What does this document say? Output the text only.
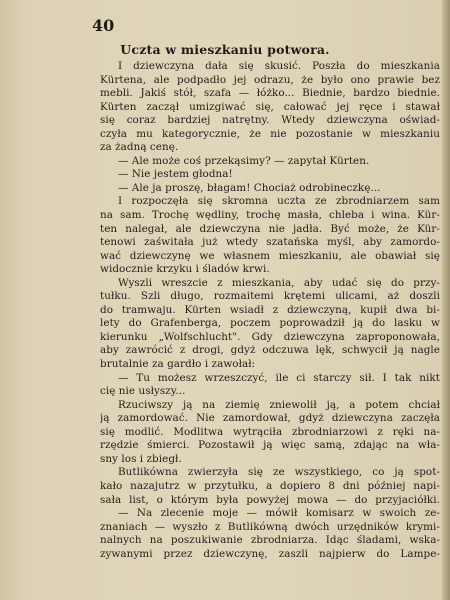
40
Uczta w mieszkaniu potwora.
I dziewczyna dała się skusić. Poszła do mieszkania
Kürtena, ale podpadło jej odrazu, że było ono prawie bez
mebli. Jakiś stół, szafa — łóżko... Biednie, bardzo biednie.
Kürten zaczął umizgiwać się, całować jej ręce i stawał
się coraz bardziej natrętny. Wtedy dziewczyna oświad-
czyła mu kategorycznie, że nie pozostanie w mieszkaniu
za żadną cenę.
— Ale może coś przekąsimy? — zapytał Kürten.
— Nie jestem głodna!
— Ale ja proszę, błagam! Chociaż odrobineczkę...
I rozpoczęła się skromna uczta ze zbrodniarzem sam
na sam. Trochę wędliny, trochę masła, chleba i wina. Kür-
ten nalegał, ale dziewczyna nie jadła. Być może, że Kür-
tenowi zaświtała już wtedy szatańska myśl, aby zamordo-
wać dziewczynę we własnem mieszkaniu, ale obawiał się
widocznie krzyku i śladów krwi.
Wyszli wreszcie z mieszkania, aby udać się do przy-
tułku. Szli długo, rozmaitemi krętemi ulicami, aż doszli
do tramwaju. Kürten wsiadł z dziewczyną, kupił dwa bi-
lety do Grafenberga, poczem poprowadził ją do lasku w
kierunku „Wolfschlucht". Gdy dziewczyna zaproponowała,
aby zawrócić z drogi, gdyż odczuwa lęk, schwycił ją nagle
brutalnie za gardło i zawołał:
— Tu możesz wrzeszczyć, ile ci starczy sił. I tak nikt
cię nie usłyszy...
Rzuciwszy ją na ziemię zniewolił ją, a potem chciał
ją zamordować. Nie zamordował, gdyż dziewczyna zaczęła
się modlić. Modlitwa wytrąciła zbrodniarzowi z ręki na-
rzędzie śmierci. Pozostawił ją więc samą, zdając na wła-
sny los i zbiegł.
Butlikówna zwierzyła się ze wszystkiego, co ją spot-
kało nazajutrz w przytułku, a dopiero 8 dni później napi-
sała list, o którym była powyżej mowa — do przyjaciółki.
— Na zlecenie moje — mówił komisarz w swoich ze-
znaniach — wyszło z Butlikówną dwóch urzędników krymi-
nalnych na poszukiwanie zbrodniarza. Idąc śladami, wska-
zywanymi przez dziewczynę, zaszli najpierw do Lampe-
